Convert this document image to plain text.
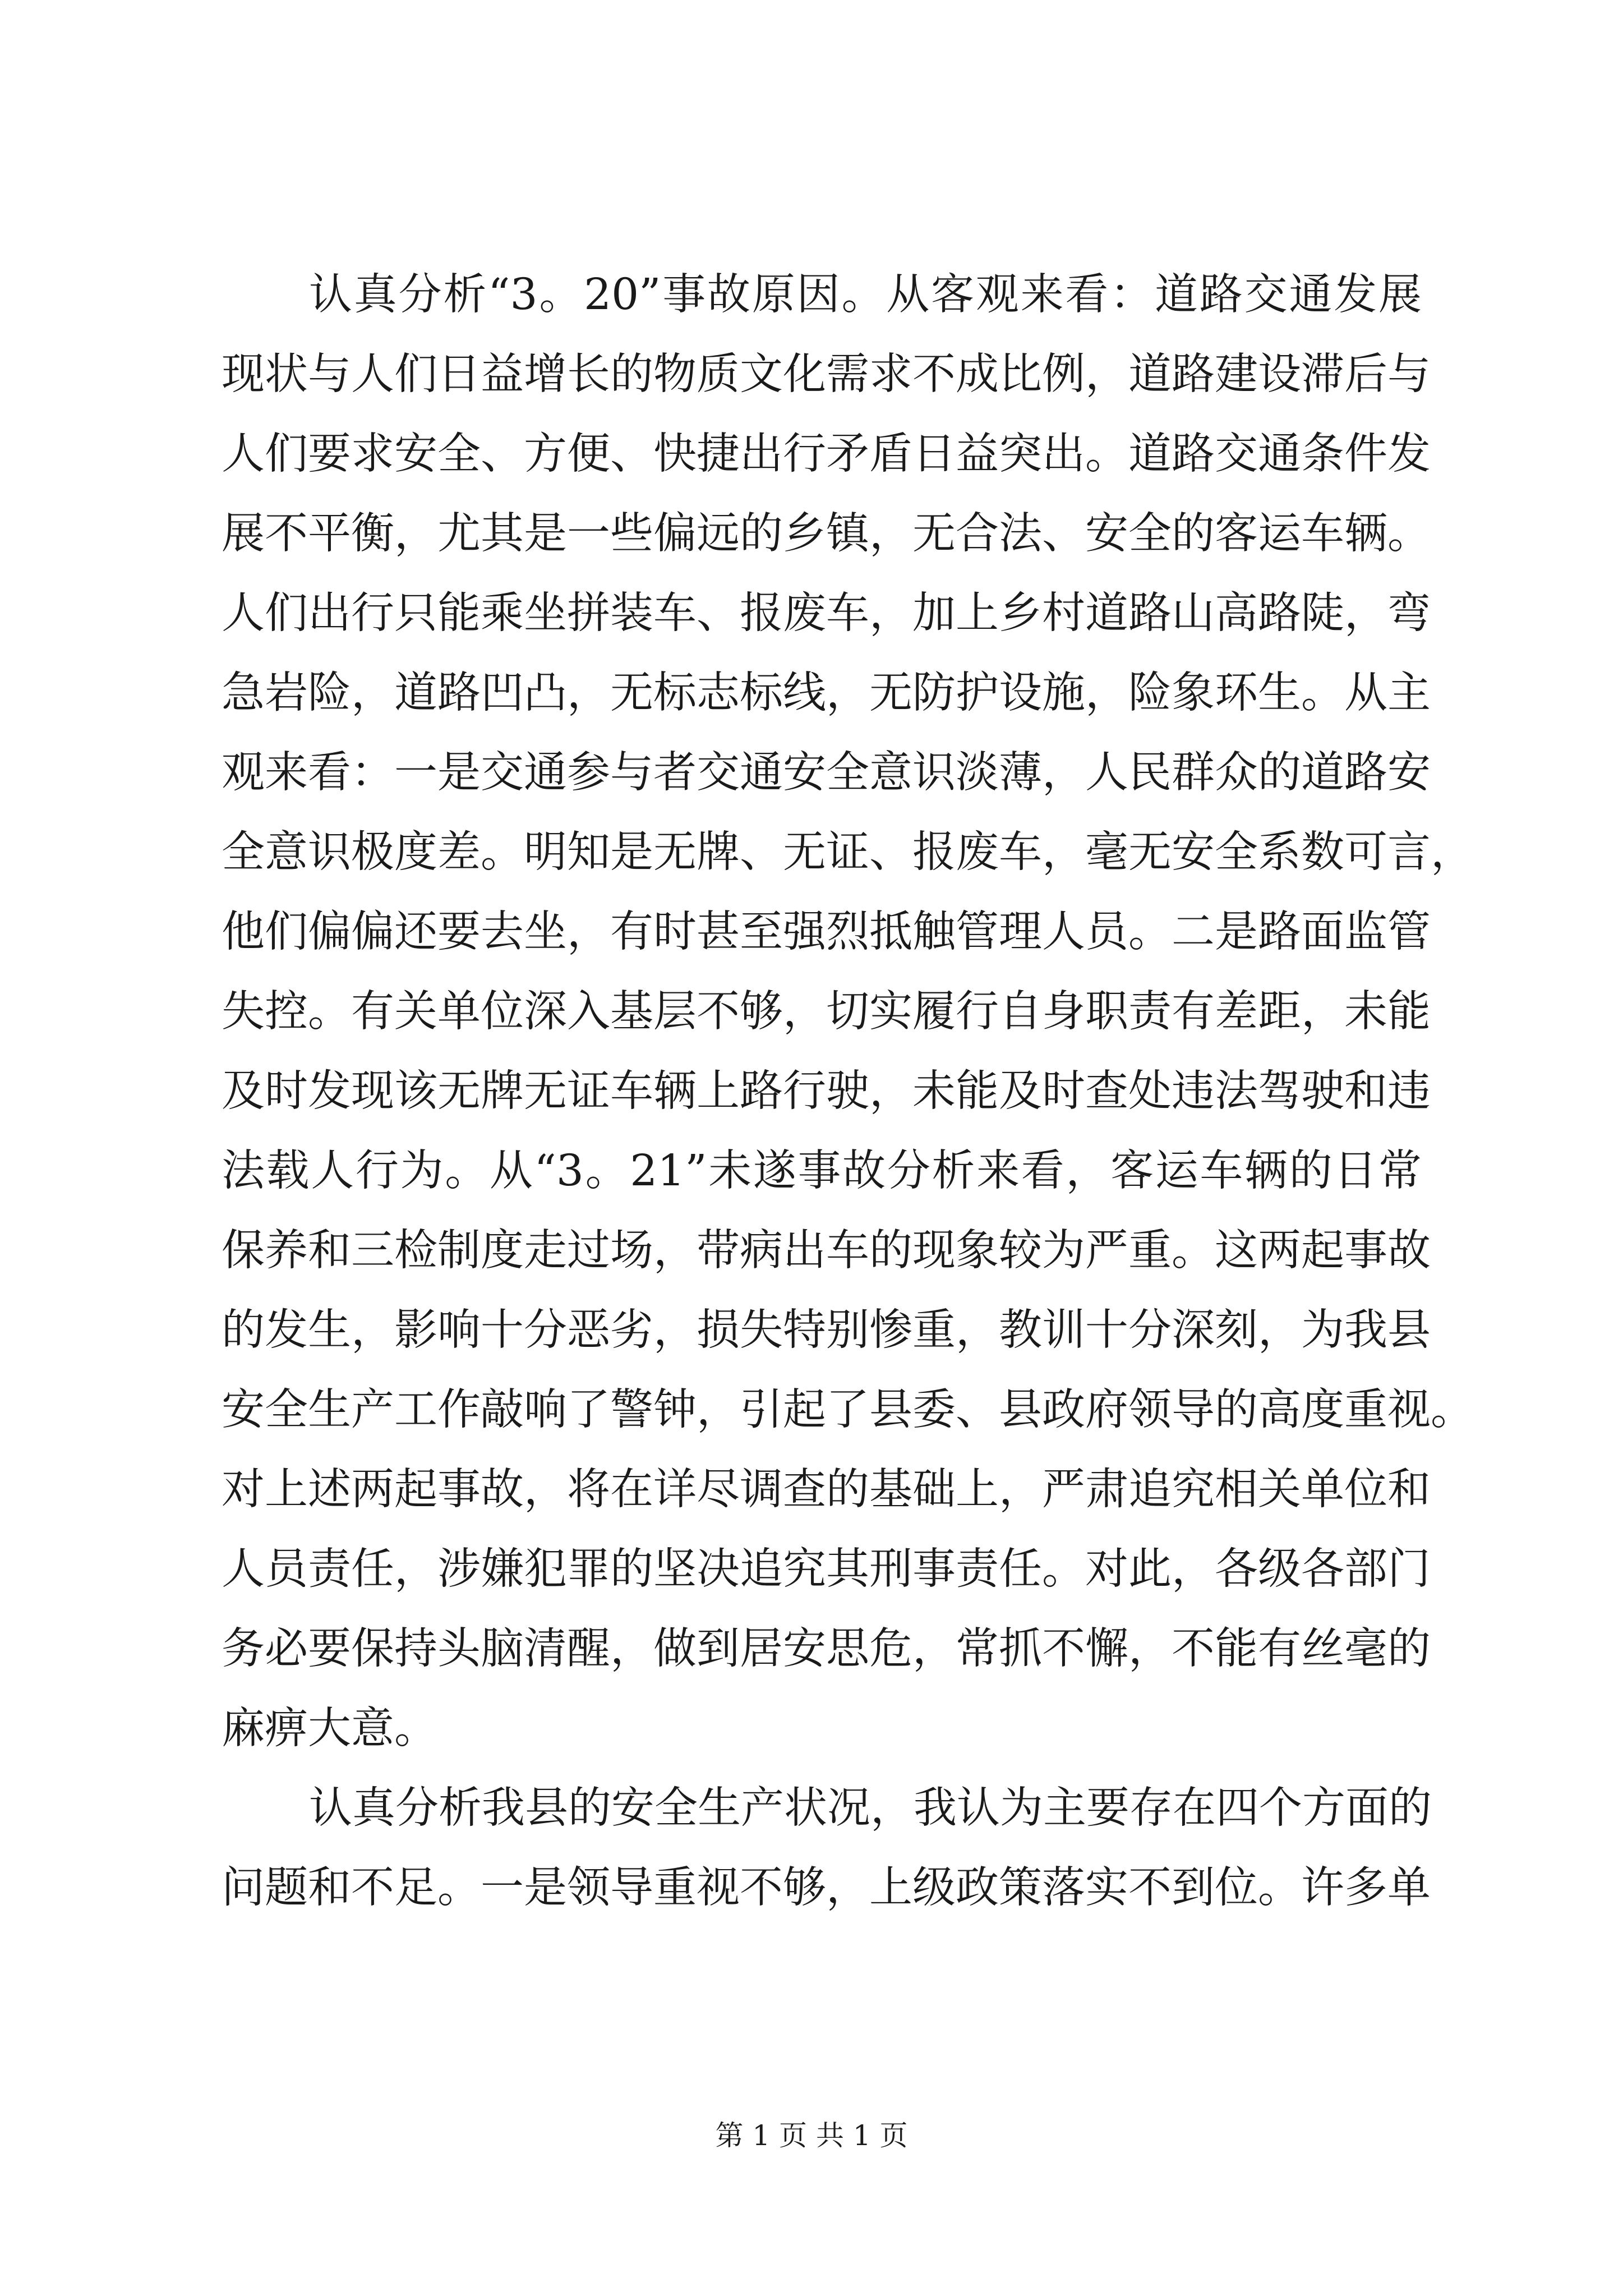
认真分析“3。20”事故原因。从客观来看：道路交通发展
现状与人们日益增长的物质文化需求不成比例，道路建设滞后与
人们要求安全、方便、快捷出行矛盾日益突出。道路交通条件发
展不平衡，尤其是一些偏远的乡镇，无合法、安全的客运车辆。
人们出行只能乘坐拼装车、报废车，加上乡村道路山高路陡，弯
急岩险，道路凹凸，无标志标线，无防护设施，险象环生。从主
观来看：一是交通参与者交通安全意识淡薄，人民群众的道路安
全意识极度差。明知是无牌、无证、报废车，毫无安全系数可言，
他们偏偏还要去坐，有时甚至强烈抵触管理人员。二是路面监管
失控。有关单位深入基层不够，切实履行自身职责有差距，未能
及时发现该无牌无证车辆上路行驶，未能及时查处违法驾驶和违
法载人行为。从“3。21”未遂事故分析来看，客运车辆的日常
保养和三检制度走过场，带病出车的现象较为严重。这两起事故
的发生，影响十分恶劣，损失特别惨重，教训十分深刻，为我县
安全生产工作敲响了警钟，引起了县委、县政府领导的高度重视。
对上述两起事故，将在详尽调查的基础上，严肃追究相关单位和
人员责任，涉嫌犯罪的坚决追究其刑事责任。对此，各级各部门
务必要保持头脑清醒，做到居安思危，常抓不懈，不能有丝毫的
麻痹大意。
认真分析我县的安全生产状况，我认为主要存在四个方面的
问题和不足。一是领导重视不够，上级政策落实不到位。许多单
第 1 页 共 1 页
